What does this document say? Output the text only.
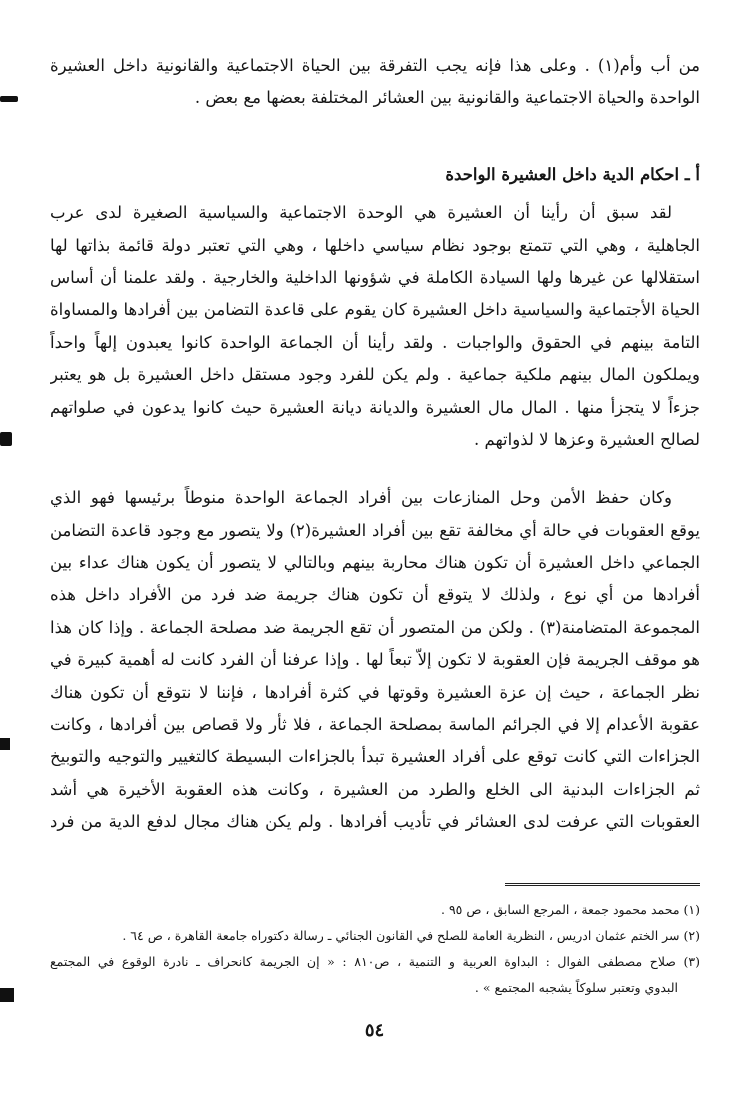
من أب وأم(١) . وعلى هذا فإنه يجب التفرقة بين الحياة الاجتماعية والقانونية داخل العشيرة
الواحدة والحياة الاجتماعية والقانونية بين العشائر المختلفة بعضها مع بعض .
أ ـ احكام الدية داخل العشيرة الواحدة
لقد سبق أن رأينا أن العشيرة هي الوحدة الاجتماعية والسياسية الصغيرة لدى عرب
الجاهلية ، وهي التي تتمتع بوجود نظام سياسي داخلها ، وهي التي تعتبر دولة قائمة بذاتها لها
استقلالها عن غيرها ولها السيادة الكاملة في شؤونها الداخلية والخارجية . ولقد علمنا أن أساس
الحياة الأجتماعية والسياسية داخل العشيرة كان يقوم على قاعدة التضامن بين أفرادها والمساواة
التامة بينهم في الحقوق والواجبات . ولقد رأينا أن الجماعة الواحدة كانوا يعبدون إلهاً واحداً
ويملكون المال بينهم ملكية جماعية . ولم يكن للفرد وجود مستقل داخل العشيرة بل هو يعتبر
جزءاً لا يتجزأ منها . المال مال العشيرة والديانة ديانة العشيرة حيث كانوا يدعون في صلواتهم
لصالح العشيرة وعزها لا لذواتهم .
وكان حفظ الأمن وحل المنازعات بين أفراد الجماعة الواحدة منوطاً برئيسها فهو الذي
يوقع العقوبات في حالة أي مخالفة تقع بين أفراد العشيرة(٢) ولا يتصور مع وجود قاعدة التضامن
الجماعي داخل العشيرة أن تكون هناك محاربة بينهم وبالتالي لا يتصور أن يكون هناك عداء بين
أفرادها من أي نوع ، ولذلك لا يتوقع أن تكون هناك جريمة ضد فرد من الأفراد داخل هذه
المجموعة المتضامنة(٣) . ولكن من المتصور أن تقع الجريمة ضد مصلحة الجماعة . وإذا كان هذا
هو موقف الجريمة فإن العقوبة لا تكون إلاّ تبعاً لها . وإذا عرفنا أن الفرد كانت له أهمية كبيرة في
نظر الجماعة ، حيث إن عزة العشيرة وقوتها في كثرة أفرادها ، فإننا لا نتوقع أن تكون هناك
عقوبة الأعدام إلا في الجرائم الماسة بمصلحة الجماعة ، فلا ثأر ولا قصاص بين أفرادها ، وكانت
الجزاءات التي كانت توقع على أفراد العشيرة تبدأ بالجزاءات البسيطة كالتغيير والتوجيه والتوبيخ
ثم الجزاءات البدنية الى الخلع والطرد من العشيرة ، وكانت هذه العقوبة الأخيرة هي أشد
العقوبات التي عرفت لدى العشائر في تأديب أفرادها . ولم يكن هناك مجال لدفع الدية من فرد
(١) محمد محمود جمعة ، المرجع السابق ، ص ٩٥ .
(٢) سر الختم عثمان ادريس ، النظرية العامة للصلح في القانون الجنائي ـ رسالة دكتوراه جامعة القاهرة ، ص ٦٤ .
(٣) صلاح مصطفى الفوال : البداوة العربية و التنمية ، ص٨١٠ : « إن الجريمة كانحراف ـ نادرة الوقوع في المجتمع
البدوي وتعتبر سلوكاً يشجبه المجتمع » .
٥٤
